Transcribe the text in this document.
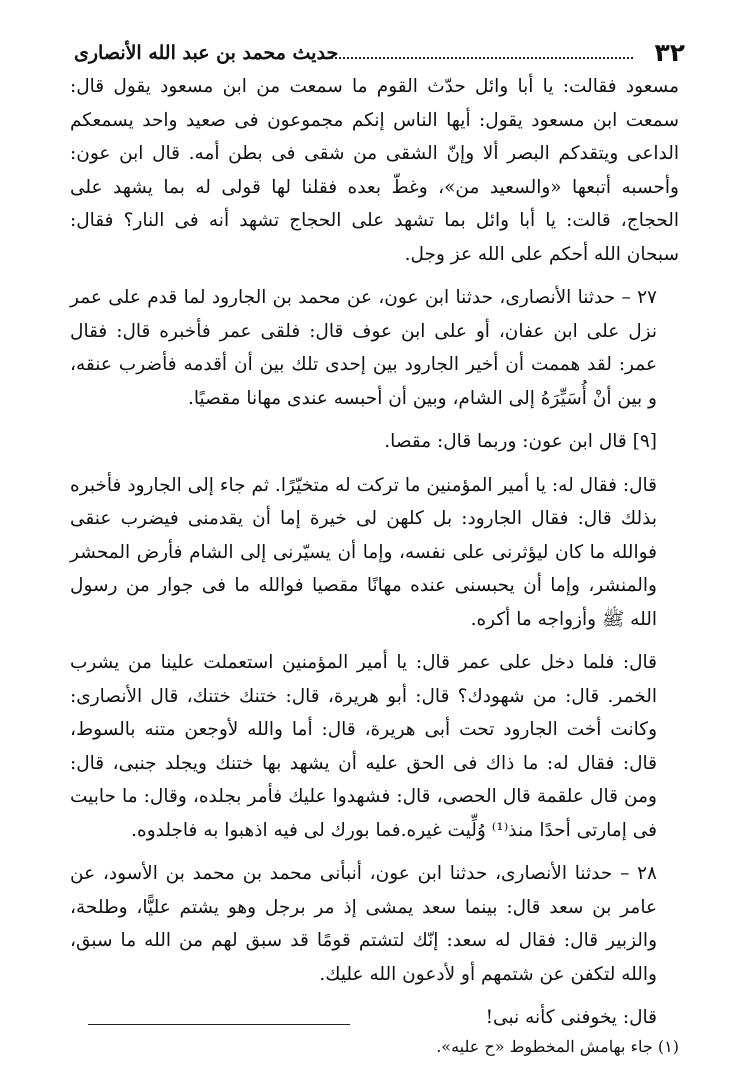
٣٢
حديث محمد بن عبد الله الأنصارى

مسعود فقالت: يا أبا وائل حدّث القوم ما سمعت من ابن مسعود يقول قال: سمعت ابن مسعود يقول: أيها الناس إنكم مجموعون فى صعيد واحد يسمعكم الداعى ويتقدكم البصر ألا وإنّ الشقى من شقى فى بطن أمه. قال ابن عون: وأحسبه أتبعها «والسعيد من»، وغطّ بعده فقلنا لها قولى له بما يشهد على الحجاج، قالت: يا أبا وائل بما تشهد على الحجاج تشهد أنه فى النار؟ فقال: سبحان الله أحكم على الله عز وجل.

٢٧ – حدثنا الأنصارى، حدثنا ابن عون، عن محمد بن الجارود لما قدم على عمر نزل على ابن عفان، أو على ابن عوف قال: فلقى عمر فأخبره قال: فقال عمر: لقد هممت أن أخير الجارود بين إحدى تلك بين أن أقدمه فأضرب عنقه، و بين أنْ أُسَيِّرَهُ إلى الشام، وبين أن أحبسه عندى مهانا مقصيًا.

[٩] قال ابن عون: وربما قال: مقصا.

قال: فقال له: يا أمير المؤمنين ما تركت له متخيّرًا. ثم جاء إلى الجارود فأخبره بذلك قال: فقال الجارود: بل كلهن لى خيرة إما أن يقدمنى فيضرب عنقى فوالله ما كان ليؤثرنى على نفسه، وإما أن يسيّرنى إلى الشام فأرض المحشر والمنشر، وإما أن يحبسنى عنده مهانًا مقصيا فوالله ما فى جوار من رسول الله ﷺ وأزواجه ما أكره.

قال: فلما دخل على عمر قال: يا أمير المؤمنين استعملت علينا من يشرب الخمر. قال: من شهودك؟ قال: أبو هريرة، قال: ختنك ختنك، قال الأنصارى: وكانت أخت الجارود تحت أبى هريرة، قال: أما والله لأوجعن متنه بالسوط، قال: فقال له: ما ذاك فى الحق عليه أن يشهد بها ختنك ويجلد جنبى، قال: ومن قال علقمة قال الحصى، قال: فشهدوا عليك فأمر بجلده، وقال: ما حابيت فى إمارتى أحدًا منذ⁽¹⁾ وُلِّيت غيره.فما بورك لى فيه اذهبوا به فاجلدوه.

٢٨ – حدثنا الأنصارى، حدثنا ابن عون، أنبأنى محمد بن محمد بن الأسود، عن عامر بن سعد قال: بينما سعد يمشى إذ مر برجل وهو يشتم عليًّا، وطلحة، والزبير قال: فقال له سعد: إنّك لتشتم قومًا قد سبق لهم من الله ما سبق، والله لتكفن عن شتمهم أو لأدعون الله عليك.

قال: يخوفنى كأنه نبى!

(١) جاء بهامش المخطوط «ح عليه».
